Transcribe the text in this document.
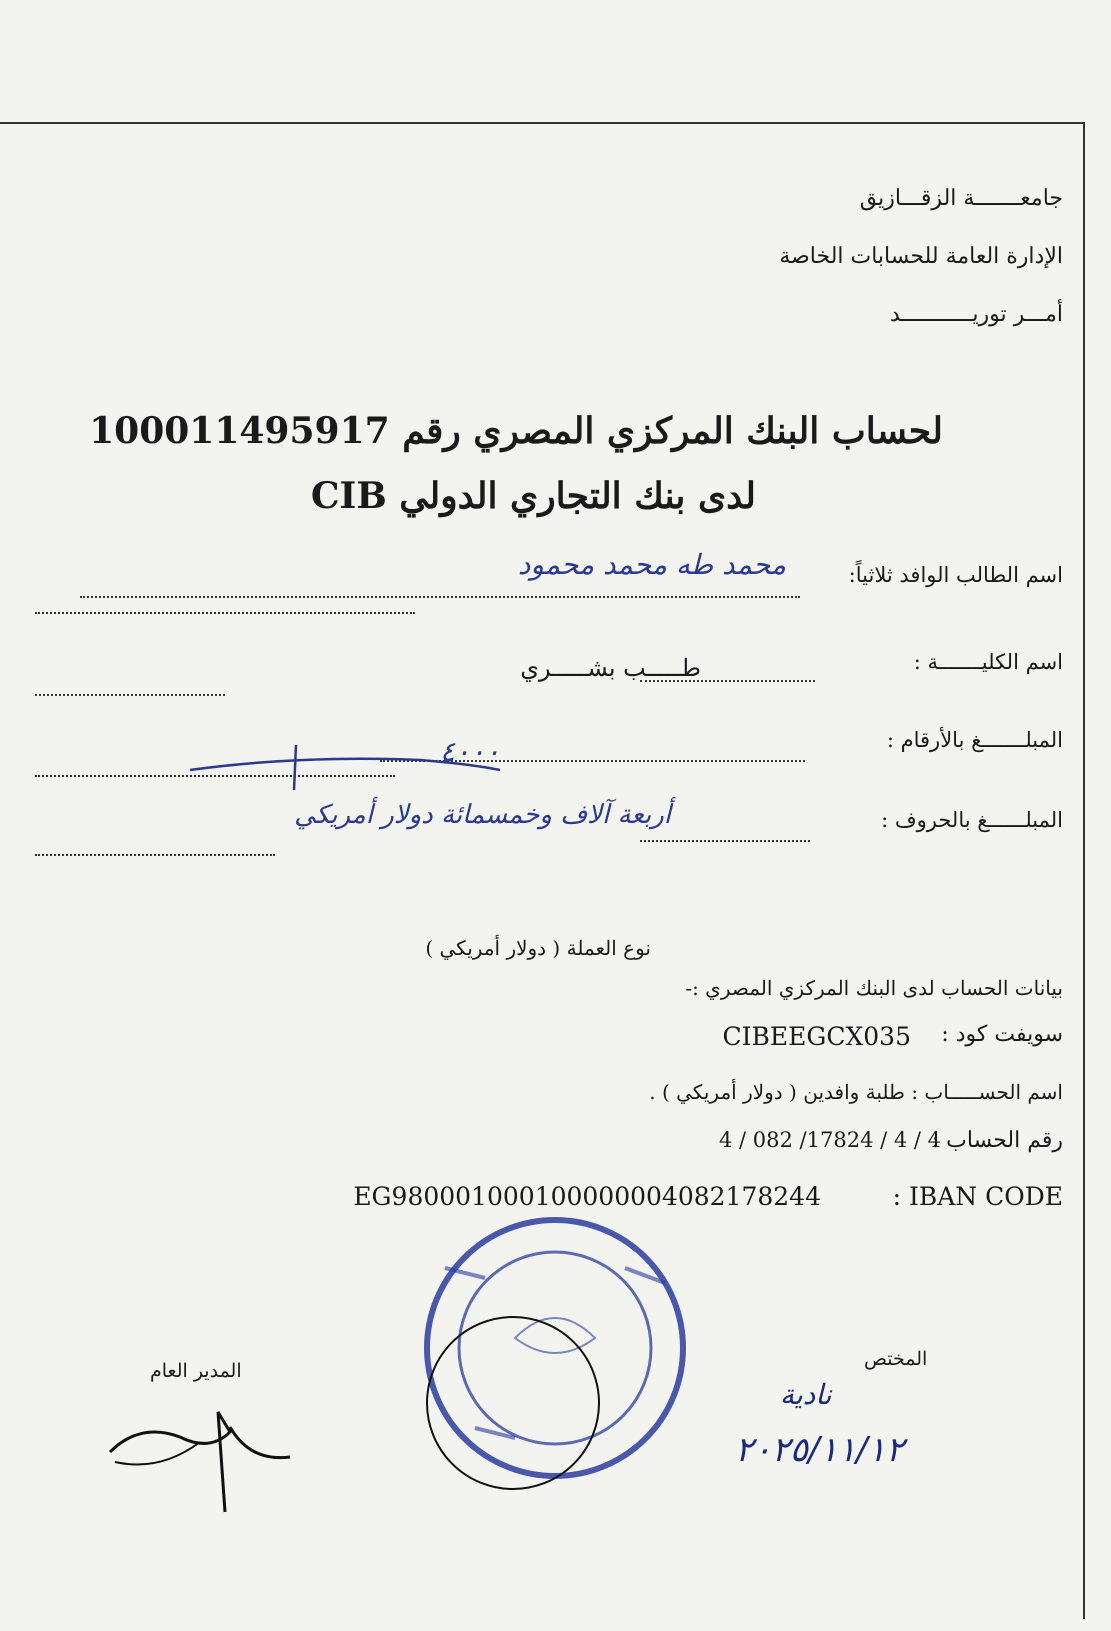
جامعـــــــة الزقـــازيق
الإدارة العامة للحسابات الخاصة
أمـــر توريـــــــــــد
لحساب البنك المركزي المصري رقم 100011495917
لدى بنك التجاري الدولي CIB
اسم الطالب الوافد ثلاثياً:
محمد طه محمد محمود
اسم الكليـــــــة :
طـــــب بشـــــري
المبلـــــــغ بالأرقام :
٤٠٠٠
المبلــــــغ بالحروف :
أربعة آلاف وخمسمائة دولار أمريكي
نوع العملة ( دولار أمريكي )
بيانات الحساب لدى البنك المركزي المصري :-
سويفت كود :
CIBEEGCX035
اسم الحســـــاب : طلبة وافدين ( دولار أمريكي ) .
رقم الحساب :
4 / 082 /17824 / 4 / 4
: IBAN CODE
EG980001000100000004082178244
المدير العام
المختص
نادية
٢٠٢٥/١١/١٢
